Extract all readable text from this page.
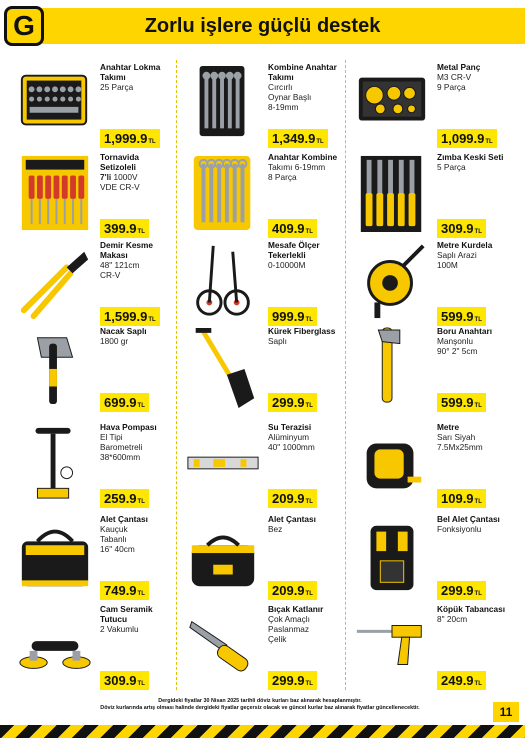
Zorlu işlere güçlü destek
G
Anahtar Lokma Takımı
25 Parça
1,999.9TL
Kombine Anahtar Takımı
Cırcırlı
Oynar Başlı
8-19mm
1,349.9TL
Metal Panç
M3 CR-V
9 Parça
1,099.9TL
Tornavida Setizoleli
7'li 1000V
VDE CR-V
399.9TL
Anahtar Kombine
Takımı 6-19mm
8 Parça
409.9TL
Zımba Keski Seti
5 Parça
309.9TL
Demir Kesme Makası
48" 121cm
CR-V
1,599.9TL
Mesafe Ölçer Tekerlekli
0-10000M
999.9TL
Metre Kurdela
Saplı Arazi
100M
599.9TL
Nacak Saplı
1800 gr
699.9TL
Kürek Fiberglass
Saplı
299.9TL
Boru Anahtarı
Manşonlu
90° 2" 5cm
599.9TL
Hava Pompası
El Tipi
Barometreli
38*600mm
259.9TL
Su Terazisi
Alüminyum
40" 1000mm
209.9TL
Metre
Sarı Siyah
7.5Mx25mm
109.9TL
Alet Çantası
Kauçuk
Tabanlı
16" 40cm
749.9TL
Alet Çantası
Bez
209.9TL
Bel Alet Çantası
Fonksiyonlu
299.9TL
Cam Seramik Tutucu
2 Vakumlu
309.9TL
Bıçak Katlanır
Çok Amaçlı
Paslanmaz
Çelik
299.9TL
Köpük Tabancası
8" 20cm
249.9TL
Dergideki fiyatlar 30 Nisan 2025 tarihli döviz kurları baz alınarak hesaplanmıştır.
Döviz kurlarında artış olması halinde dergideki fiyatlar geçersiz olacak ve güncel kurlar baz alınarak fiyatlar güncellenecektir.	11
